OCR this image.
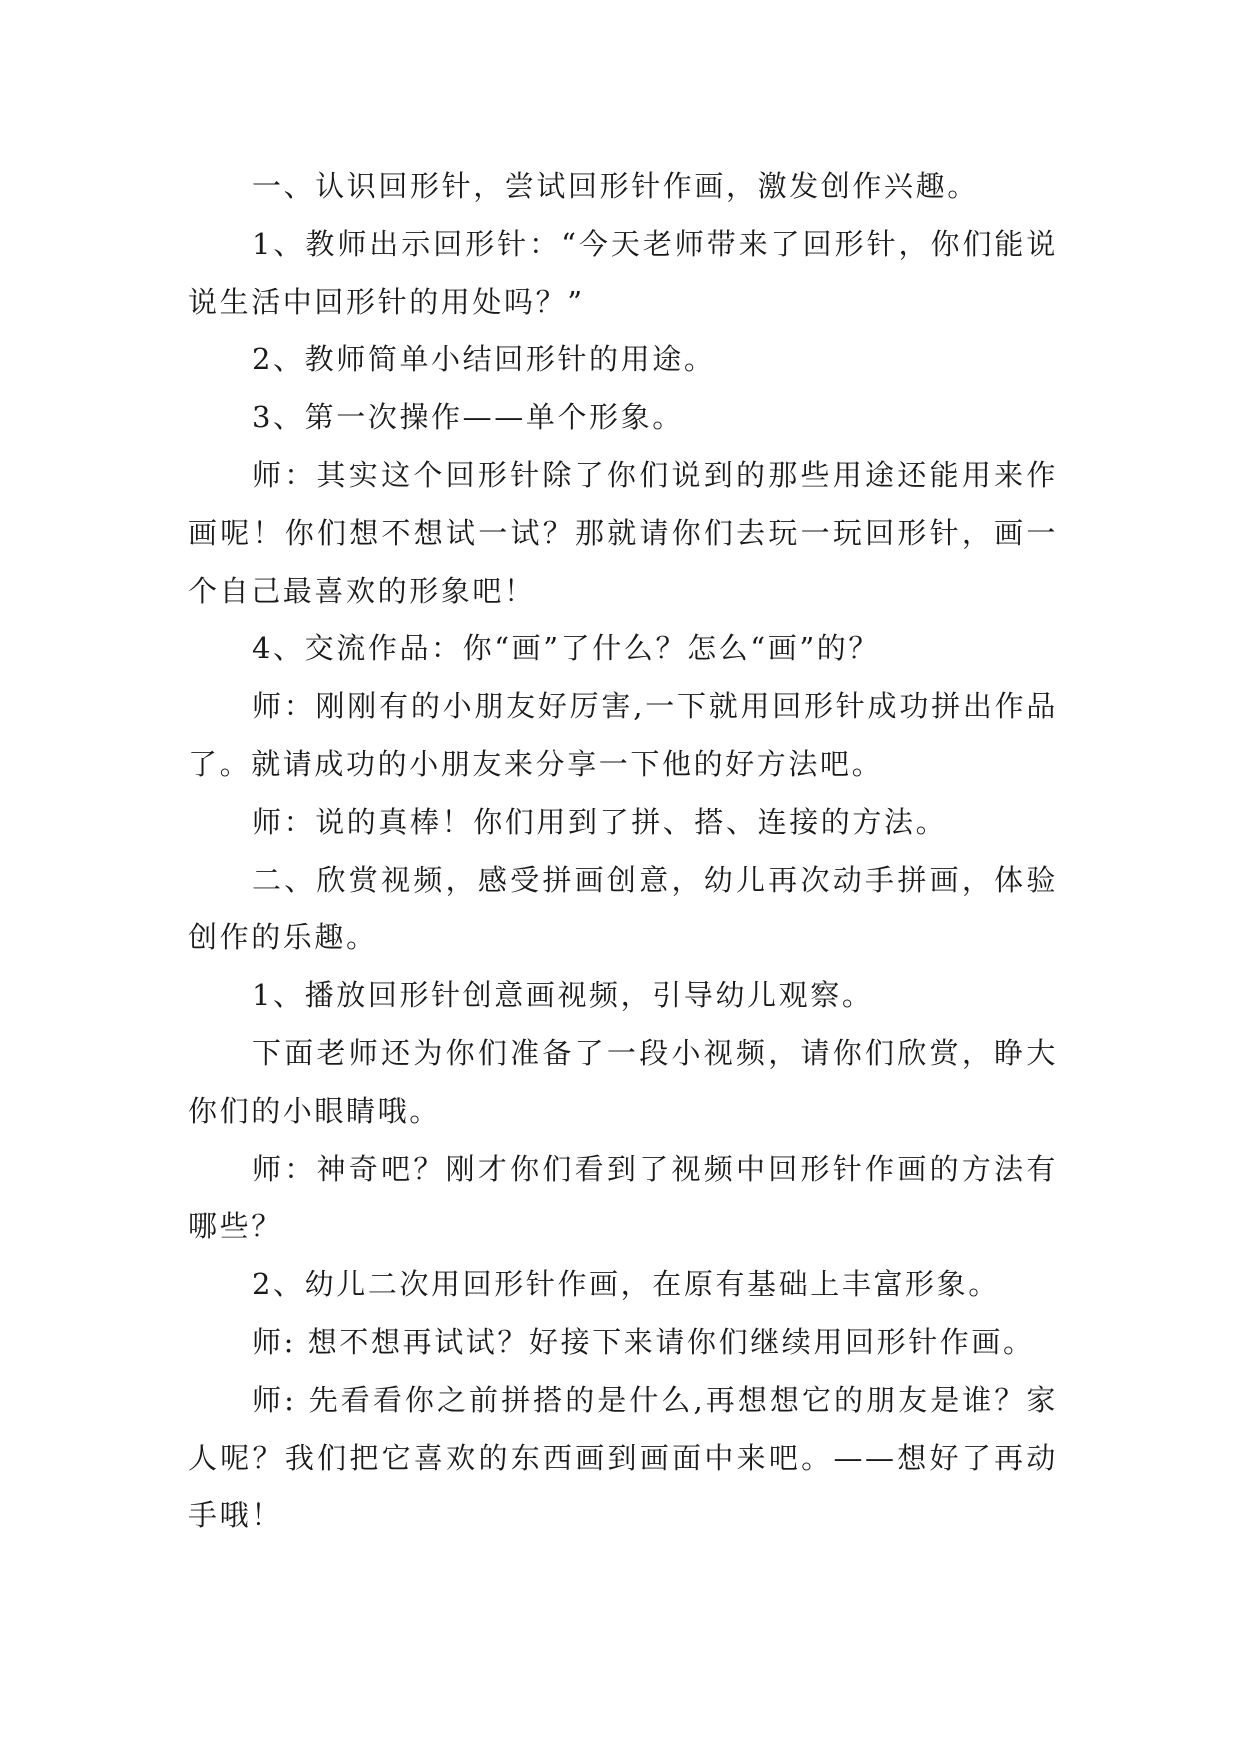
一、认识回形针，尝试回形针作画，激发创作兴趣。

1、教师出示回形针：“今天老师带来了回形针，你们能说说生活中回形针的用处吗？”

2、教师简单小结回形针的用途。

3、第一次操作——单个形象。

师：其实这个回形针除了你们说到的那些用途还能用来作画呢！你们想不想试一试？那就请你们去玩一玩回形针，画一个自己最喜欢的形象吧！

4、交流作品：你“画”了什么？怎么“画”的？

师：刚刚有的小朋友好厉害,一下就用回形针成功拼出作品了。就请成功的小朋友来分享一下他的好方法吧。

师：说的真棒！你们用到了拼、搭、连接的方法。

二、欣赏视频，感受拼画创意，幼儿再次动手拼画，体验创作的乐趣。

1、播放回形针创意画视频，引导幼儿观察。

下面老师还为你们准备了一段小视频，请你们欣赏，睁大你们的小眼睛哦。

师：神奇吧？刚才你们看到了视频中回形针作画的方法有哪些？

2、幼儿二次用回形针作画，在原有基础上丰富形象。

师: 想不想再试试？好接下来请你们继续用回形针作画。

师: 先看看你之前拼搭的是什么,再想想它的朋友是谁？家人呢？我们把它喜欢的东西画到画面中来吧。——想好了再动手哦！
